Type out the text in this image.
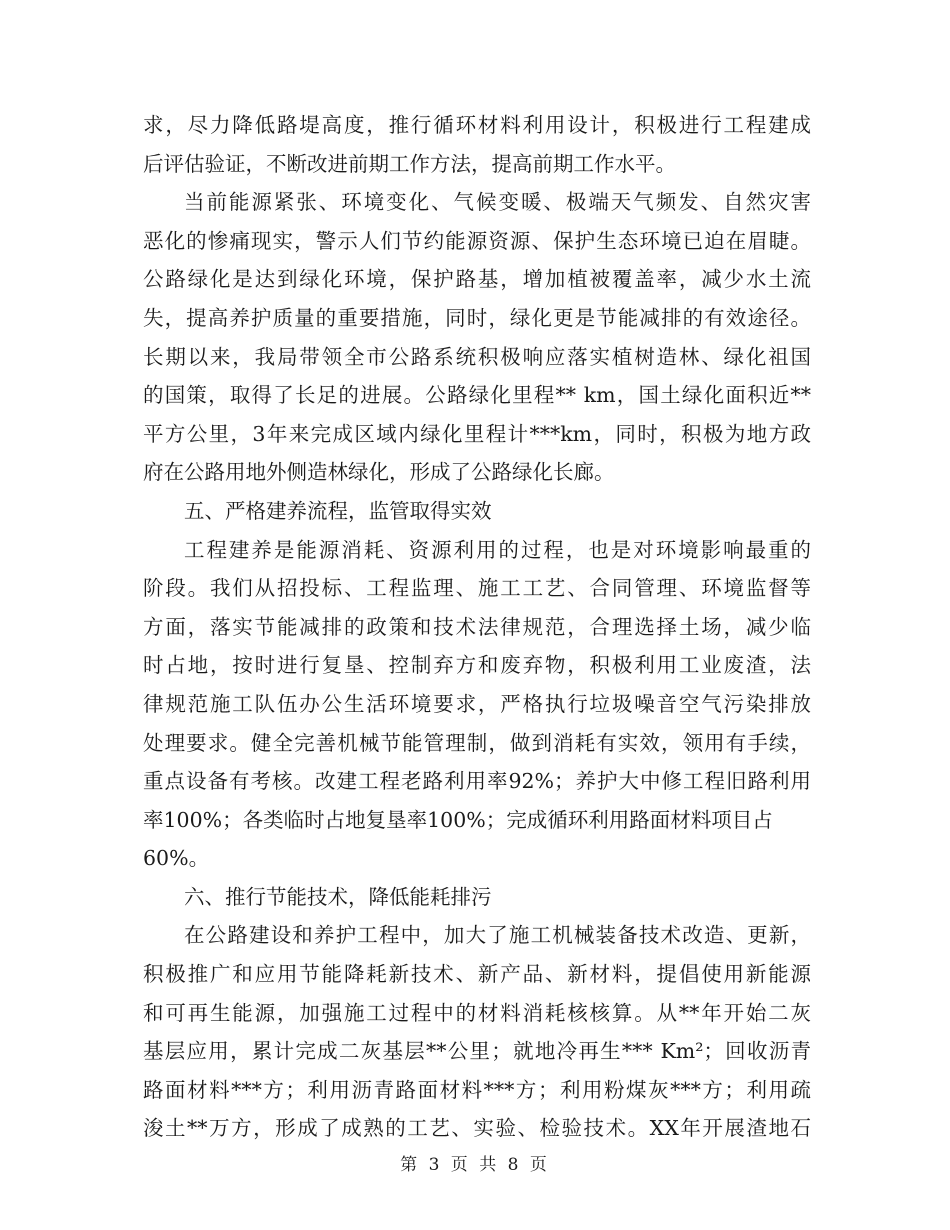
求，尽力降低路堤高度，推行循环材料利用设计，积极进行工程建成
后评估验证，不断改进前期工作方法，提高前期工作水平。
当前能源紧张、环境变化、气候变暖、极端天气频发、自然灾害
恶化的惨痛现实，警示人们节约能源资源、保护生态环境已迫在眉睫。
公路绿化是达到绿化环境，保护路基，增加植被覆盖率，减少水土流
失，提高养护质量的重要措施，同时，绿化更是节能减排的有效途径。
长期以来，我局带领全市公路系统积极响应落实植树造林、绿化祖国
的国策，取得了长足的进展。公路绿化里程** km，国土绿化面积近**
平方公里，3年来完成区域内绿化里程计***km，同时，积极为地方政
府在公路用地外侧造林绿化，形成了公路绿化长廊。
五、严格建养流程，监管取得实效
工程建养是能源消耗、资源利用的过程，也是对环境影响最重的
阶段。我们从招投标、工程监理、施工工艺、合同管理、环境监督等
方面，落实节能减排的政策和技术法律规范，合理选择土场，减少临
时占地，按时进行复垦、控制弃方和废弃物，积极利用工业废渣，法
律规范施工队伍办公生活环境要求，严格执行垃圾噪音空气污染排放
处理要求。健全完善机械节能管理制，做到消耗有实效，领用有手续，
重点设备有考核。改建工程老路利用率92%；养护大中修工程旧路利用
率100%；各类临时占地复垦率100%；完成循环利用路面材料项目占
60%。
六、推行节能技术，降低能耗排污
在公路建设和养护工程中，加大了施工机械装备技术改造、更新，
积极推广和应用节能降耗新技术、新产品、新材料，提倡使用新能源
和可再生能源，加强施工过程中的材料消耗核核算。从**年开始二灰
基层应用，累计完成二灰基层**公里；就地冷再生*** Km²；回收沥青
路面材料***方；利用沥青路面材料***方；利用粉煤灰***方；利用疏
浚土**万方，形成了成熟的工艺、实验、检验技术。XX年开展渣地石
第 3 页 共 8 页
